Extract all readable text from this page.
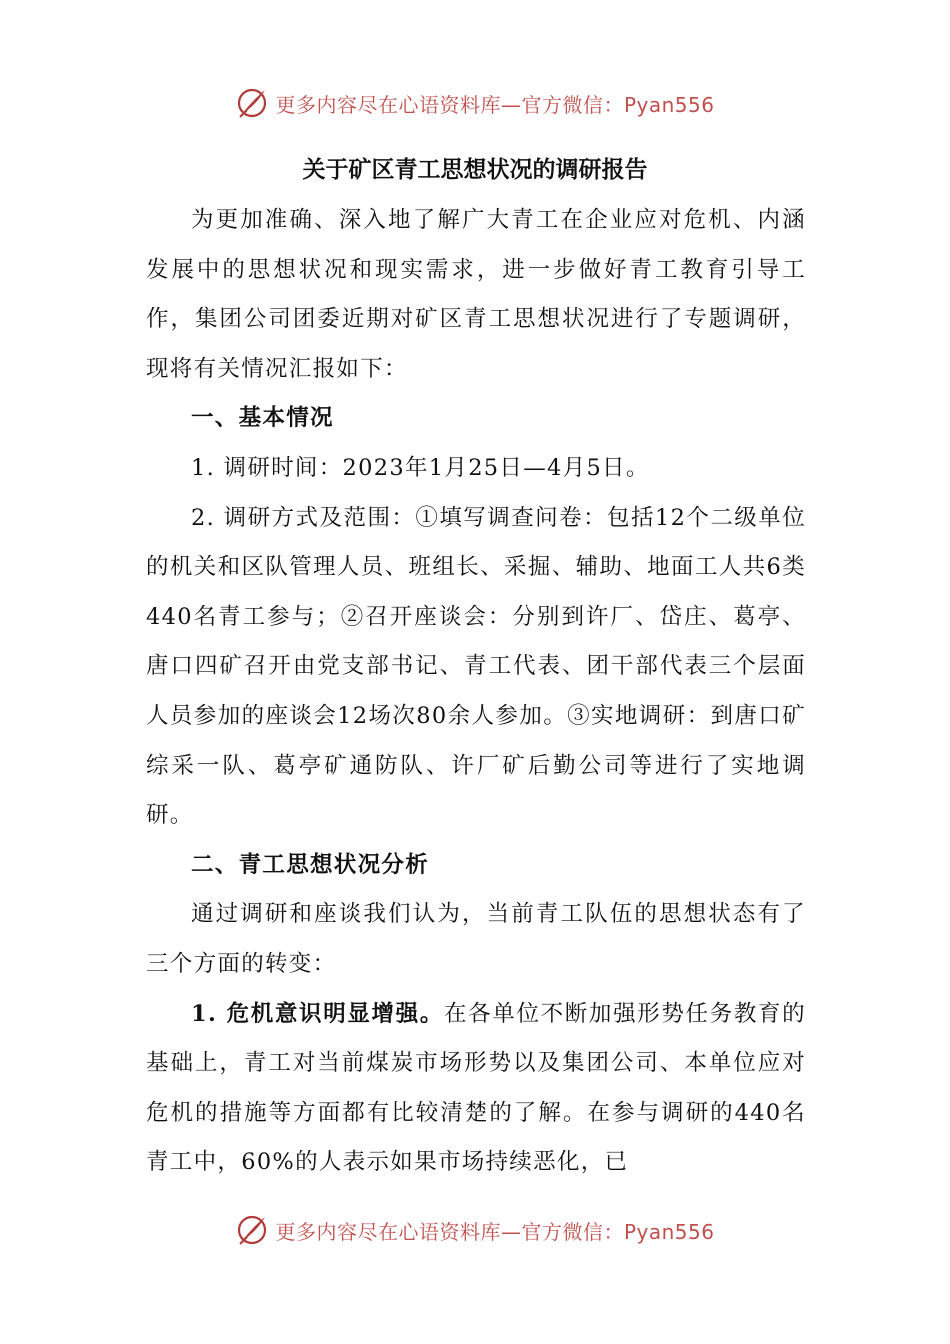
更多内容尽在心语资料库—官方微信：Pyan556
关于矿区青工思想状况的调研报告

为更加准确、深入地了解广大青工在企业应对危机、内涵发展中的思想状况和现实需求，进一步做好青工教育引导工作，集团公司团委近期对矿区青工思想状况进行了专题调研，现将有关情况汇报如下：

一、基本情况

1. 调研时间：2023年1月25日—4月5日。

2. 调研方式及范围：①填写调查问卷：包括12个二级单位的机关和区队管理人员、班组长、采掘、辅助、地面工人共6类440名青工参与；②召开座谈会：分别到许厂、岱庄、葛亭、唐口四矿召开由党支部书记、青工代表、团干部代表三个层面人员参加的座谈会12场次80余人参加。③实地调研：到唐口矿综采一队、葛亭矿通防队、许厂矿后勤公司等进行了实地调研。

二、青工思想状况分析

通过调研和座谈我们认为，当前青工队伍的思想状态有了三个方面的转变：

1. 危机意识明显增强。在各单位不断加强形势任务教育的基础上，青工对当前煤炭市场形势以及集团公司、本单位应对危机的措施等方面都有比较清楚的了解。在参与调研的440名青工中，60%的人表示如果市场持续恶化，已

更多内容尽在心语资料库—官方微信：Pyan556
